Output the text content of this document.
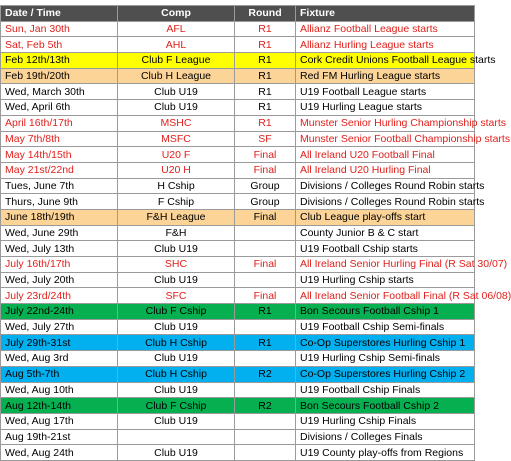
Date / Time	Comp	Round	Fixture
Sun, Jan 30th	AFL	R1	Allianz Football League starts
Sat, Feb 5th	AHL	R1	Allianz Hurling League starts
Feb 12th/13th	Club F League	R1	Cork Credit Unions Football League starts
Feb 19th/20th	Club H League	R1	Red FM Hurling League starts
Wed, March 30th	Club U19	R1	U19 Football League starts
Wed, April 6th	Club U19	R1	U19 Hurling League starts
April 16th/17th	MSHC	R1	Munster Senior Hurling Championship starts
May 7th/8th	MSFC	SF	Munster Senior Football Championship starts
May 14th/15th	U20 F	Final	All Ireland U20 Football Final
May 21st/22nd	U20 H	Final	All Ireland U20 Hurling Final
Tues, June 7th	H Cship	Group	Divisions / Colleges Round Robin starts
Thurs, June 9th	F Cship	Group	Divisions / Colleges Round Robin starts
June 18th/19th	F&H League	Final	Club League play-offs start
Wed, June 29th	F&H		County Junior B & C start
Wed, July 13th	Club U19		U19 Football Cship starts
July 16th/17th	SHC	Final	All Ireland Senior Hurling Final (R Sat 30/07)
Wed, July 20th	Club U19		U19 Hurling Cship starts
July 23rd/24th	SFC	Final	All Ireland Senior Football Final (R Sat 06/08)
July 22nd-24th	Club F Cship	R1	Bon Secours Football Cship 1
Wed, July 27th	Club U19		U19 Football Cship Semi-finals
July 29th-31st	Club H Cship	R1	Co-Op Superstores Hurling Cship 1
Wed, Aug 3rd	Club U19		U19 Hurling Cship Semi-finals
Aug 5th-7th	Club H Cship	R2	Co-Op Superstores Hurling Cship 2
Wed, Aug 10th	Club U19		U19 Football Cship Finals
Aug 12th-14th	Club F Cship	R2	Bon Secours Football Cship 2
Wed, Aug 17th	Club U19		U19 Hurling Cship Finals
Aug 19th-21st			Divisions / Colleges Finals
Wed, Aug 24th	Club U19		U19 County play-offs from Regions
